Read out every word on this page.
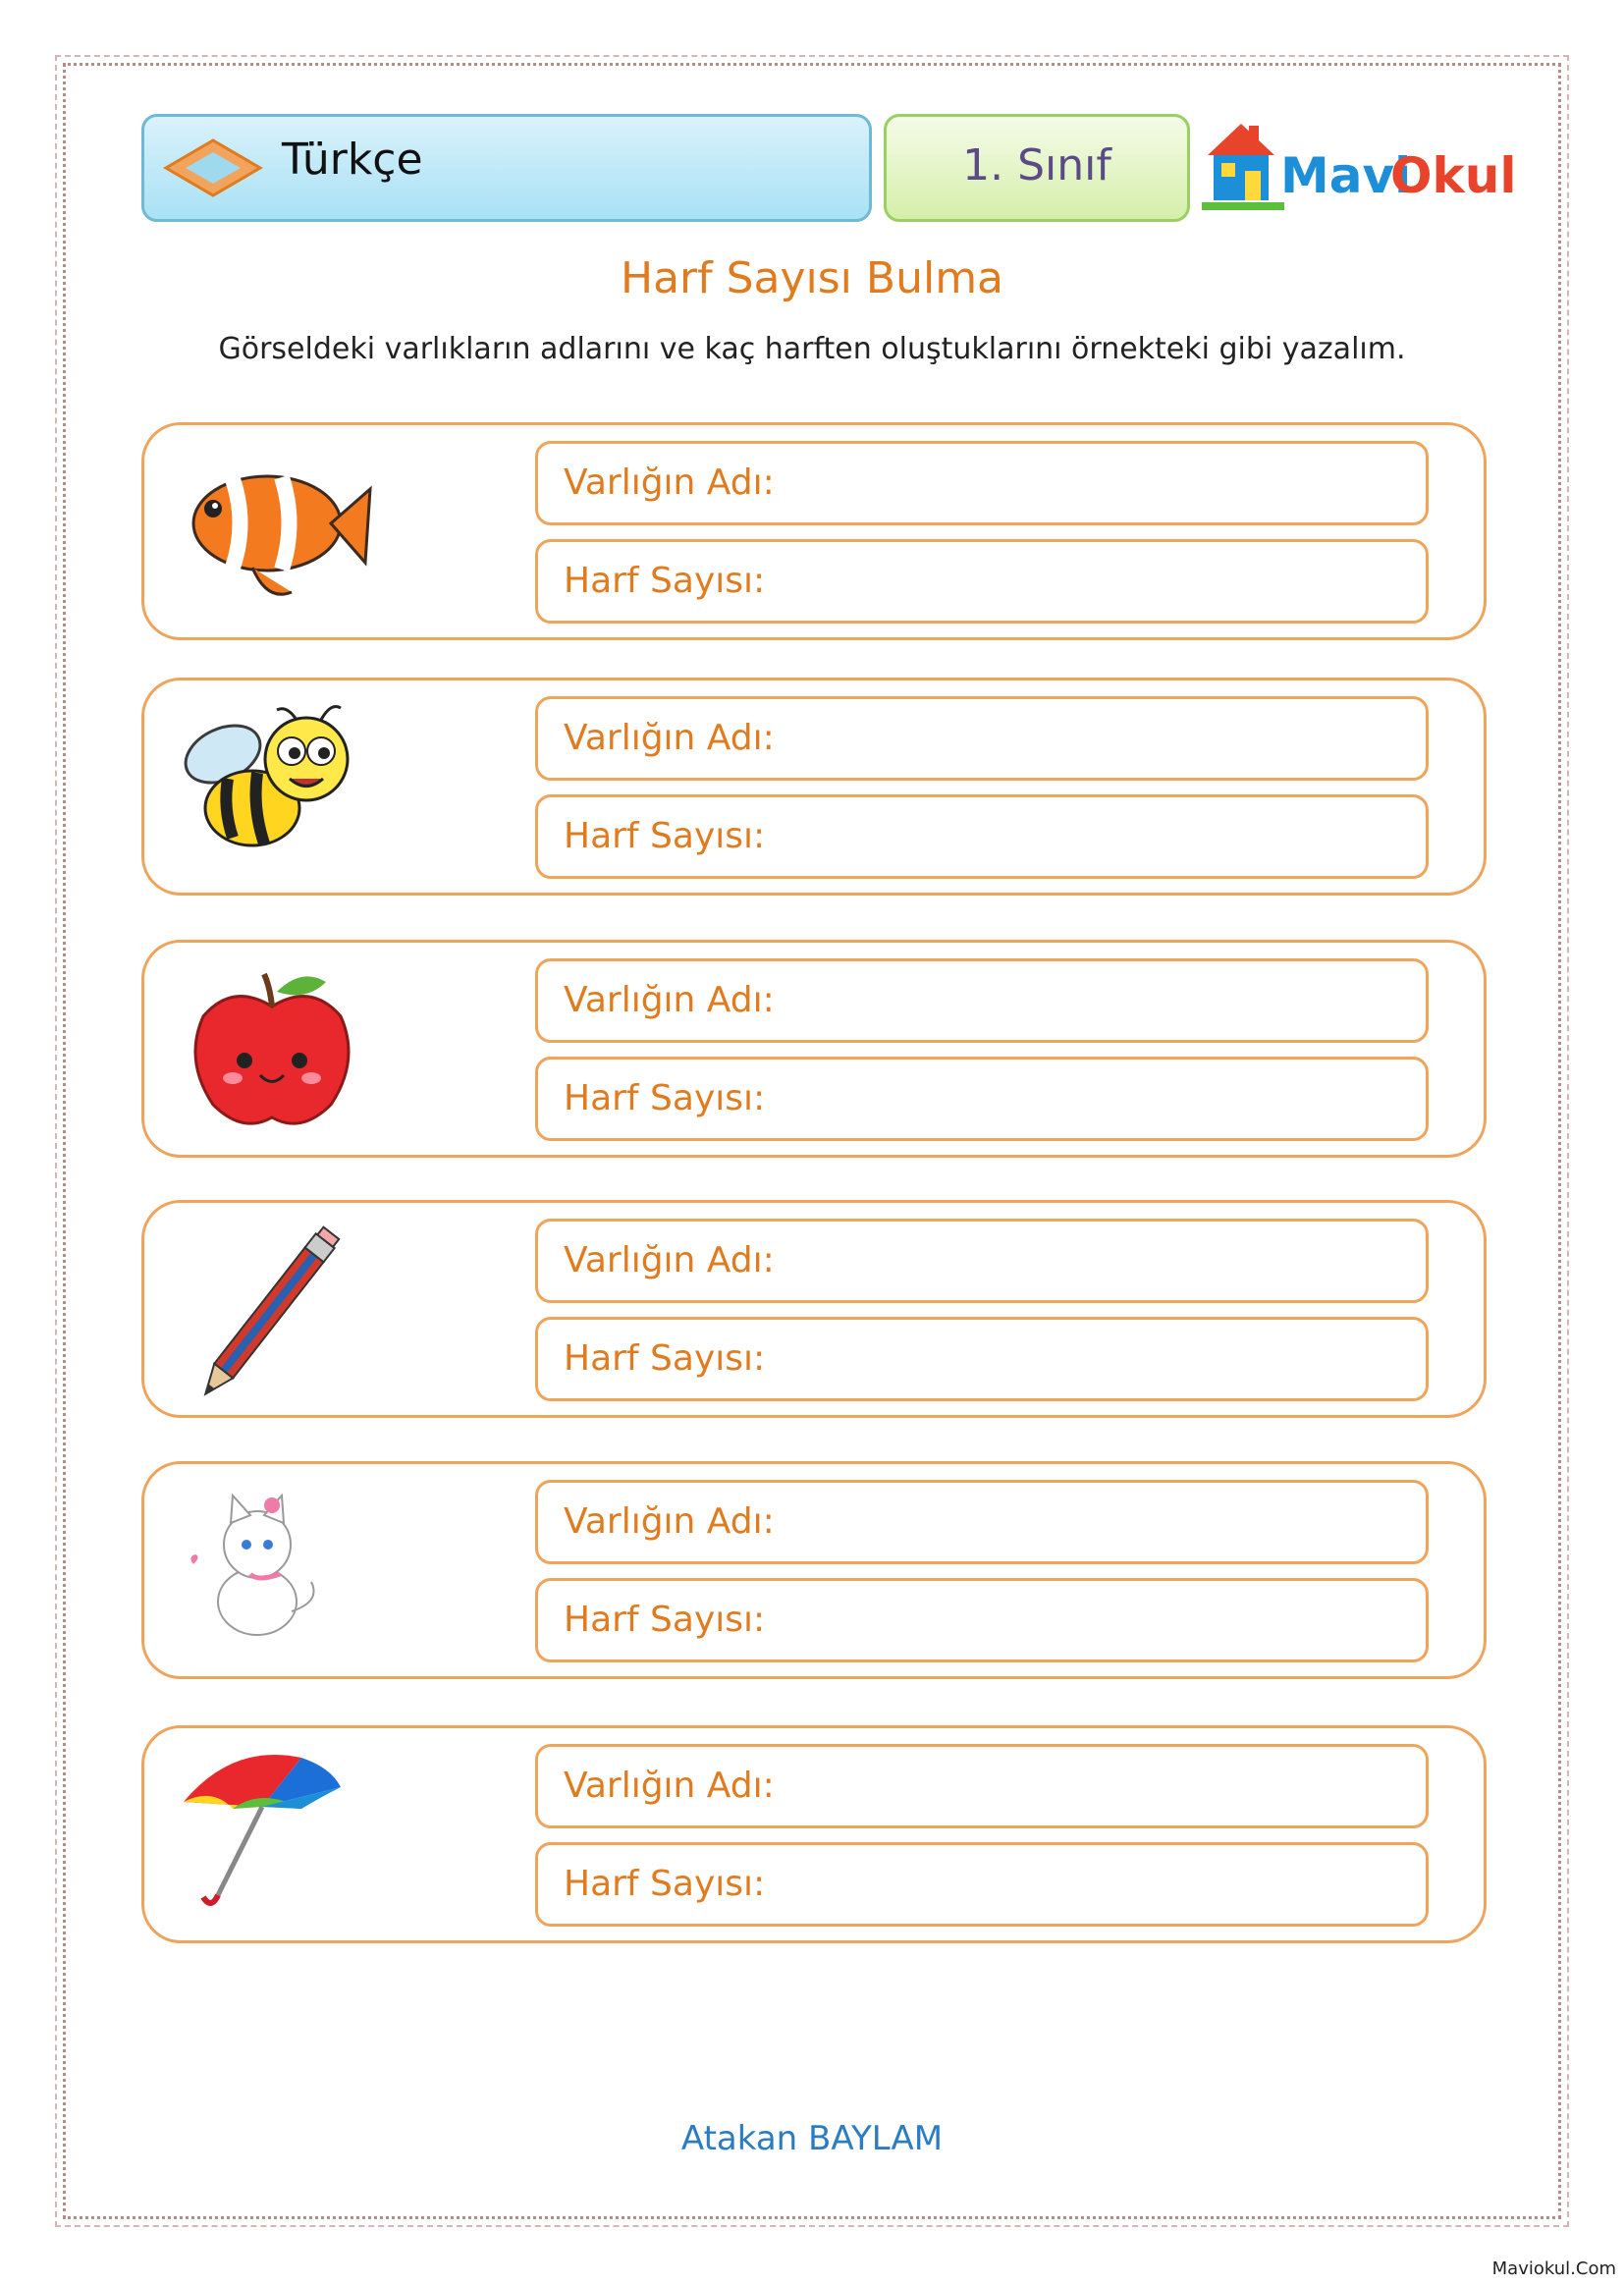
Türkçe	1. Sınıf	Mavi
Okul
Harf Sayısı Bulma
Görseldeki varlıkların adlarını ve kaç harften oluştuklarını örnekteki gibi yazalım.
Varlığın Adı:
Harf Sayısı:
Varlığın Adı:
Harf Sayısı:
Varlığın Adı:
Harf Sayısı:
Varlığın Adı:
Harf Sayısı:
Varlığın Adı:
Harf Sayısı:
Varlığın Adı:
Harf Sayısı:
Atakan BAYLAM
Maviokul.Com
